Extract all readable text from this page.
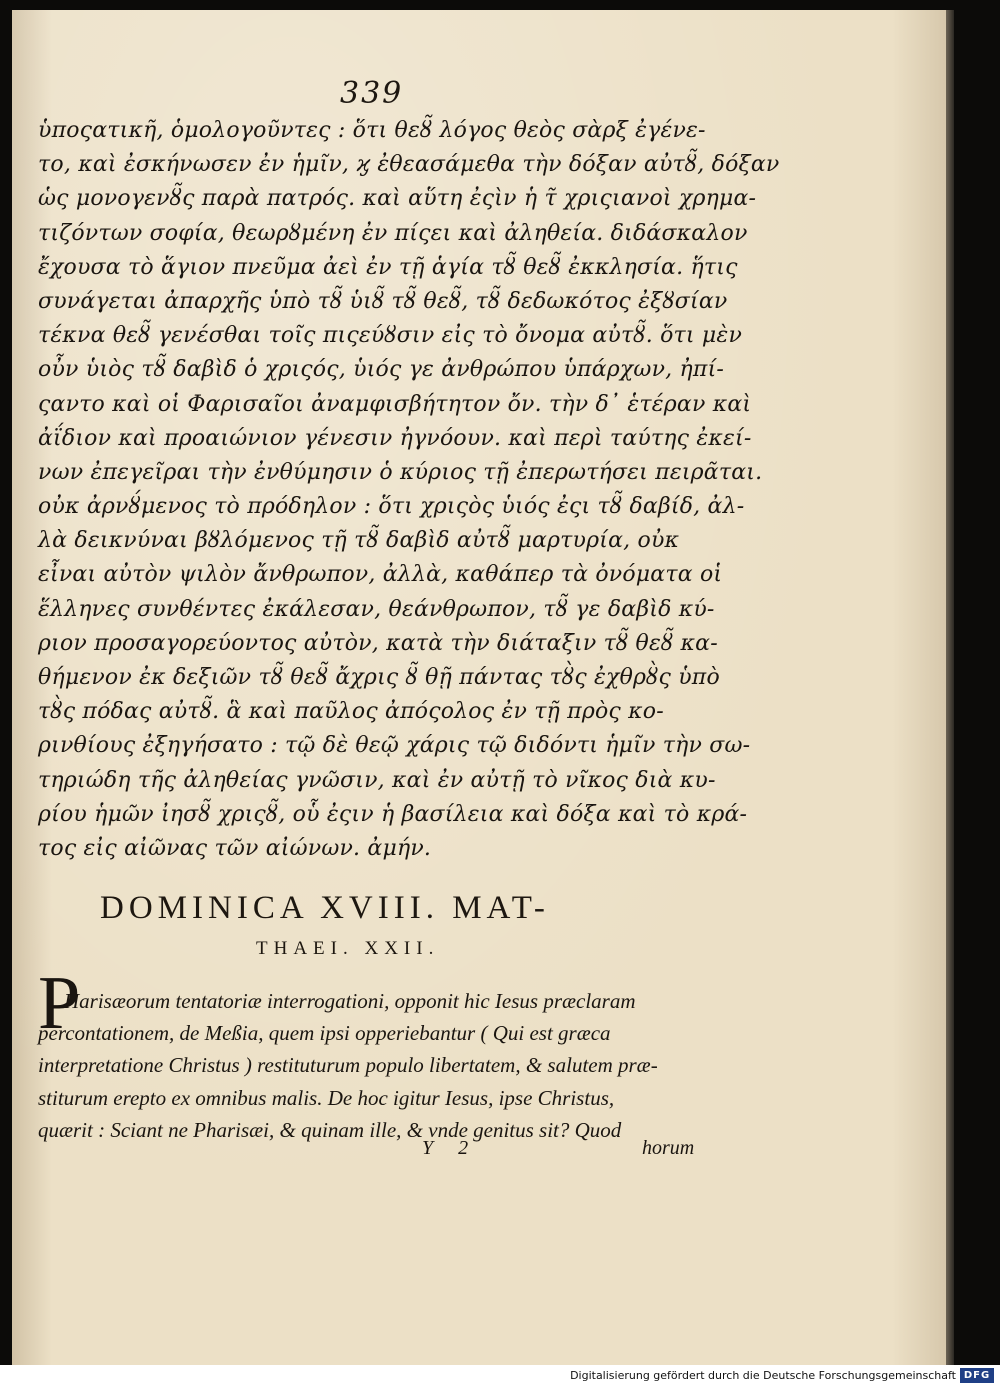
339
ὑποςατικῆ, ὁμολογοῦντες : ὅτι θεȣ̃ λόγος θεὸς σὰρξ ἐγένε-
το, καὶ ἐσκήνωσεν ἐν ἡμῖν, ϗ ἐθεασάμεθα τὴν δόξαν αὐτȣ̃, δόξαν
ὡς μονογενȣ̃ς παρὰ πατρός. καὶ αὕτη ἐςὶν ἡ τ̃ χριςιανοὶ χρημα-
τιζόντων σοφία, θεωρȣμένη ἐν πίςει καὶ ἀληθεία. διδάσκαλον
ἔχουσα τὸ ἅγιον πνεῦμα ἀεὶ ἐν τῇ ἁγία τȣ̃ θεȣ̃ ἐκκλησία. ἥτις
συνάγεται ἀπαρχῆς ὑπὸ τȣ̃ ὑιȣ̃ τȣ̃ θεȣ̃, τȣ̃ δεδωκότος ἐξȣσίαν
τέκνα θεȣ̃ γενέσθαι τοῖς πιςεύȣσιν εἰς τὸ ὄνομα αὐτȣ̃. ὅτι μὲν
οὖν ὑιὸς τȣ̃ δαβὶδ ὁ χριςός, ὑιός γε ἀνθρώπου ὑπάρχων, ἠπί-
ςαντο καὶ οἱ Φαρισαῖοι ἀναμφισβήτητον ὄν. τὴν δ᾽ ἑτέραν καὶ
ἀΐδιον καὶ προαιώνιον γένεσιν ἠγνόουν. καὶ περὶ ταύτης ἐκεί-
νων ἐπεγεῖραι τὴν ἐνθύμησιν ὁ κύριος τῇ ἐπερωτήσει πειρᾶται.
οὐκ ἀρνȣ́μενος τὸ πρόδηλον : ὅτι χριςὸς ὑιός ἐςι τȣ̃ δαβίδ, ἀλ-
λὰ δεικνύναι βȣλόμενος τῇ τȣ̃ δαβὶδ αὐτȣ̃ μαρτυρία, οὐκ
εἶναι αὐτὸν ψιλὸν ἄνθρωπον, ἀλλὰ, καθάπερ τὰ ὀνόματα οἱ
ἕλληνες συνθέντες ἐκάλεσαν, θεάνθρωπον, τȣ̃ γε δαβὶδ κύ-
ριον προσαγορεύοντος αὐτὸν, κατὰ τὴν διάταξιν τȣ̃ θεȣ̃ κα-
θήμενον ἐκ δεξιῶν τȣ̃ θεȣ̃ ἄχρις ȣ̃ θῇ πάντας τȣ̀ς ἐχθρȣ̀ς ὑπὸ
τȣ̀ς πόδας αὐτȣ̃. ἃ καὶ παῦλος ἀπόςολος ἐν τῇ πρὸς κο-
ρινθίους ἐξηγήσατο : τῷ δὲ θεῷ χάρις τῷ διδόντι ἡμῖν τὴν σω-
τηριώδη τῆς ἀληθείας γνῶσιν, καὶ ἐν αὐτῇ τὸ νῖκος διὰ κυ-
ρίου ἡμῶν ἰησȣ̃ χριςȣ̃, οὗ ἐςιν ἡ βασίλεια καὶ δόξα καὶ τὸ κρά-
τος εἰς αἰῶνας τῶν αἰώνων. ἀμήν.
DOMINICA XVIII. MAT-
THAEI. XXII.
P
Harisæorum tentatoriæ interrogationi, opponit hic Iesus præclaram
percontationem, de Meßia, quem ipsi opperiebantur ( Qui est græca
interpretatione Christus ) restituturum populo libertatem, & salutem præ-
stiturum erepto ex omnibus malis. De hoc igitur Iesus, ipse Christus,
quærit : Sciant ne Pharisæi, & quinam ille, & vnde genitus sit? Quod
Y 2	horum
Digitalisierung gefördert durch die Deutsche Forschungsgemeinschaft DFG
